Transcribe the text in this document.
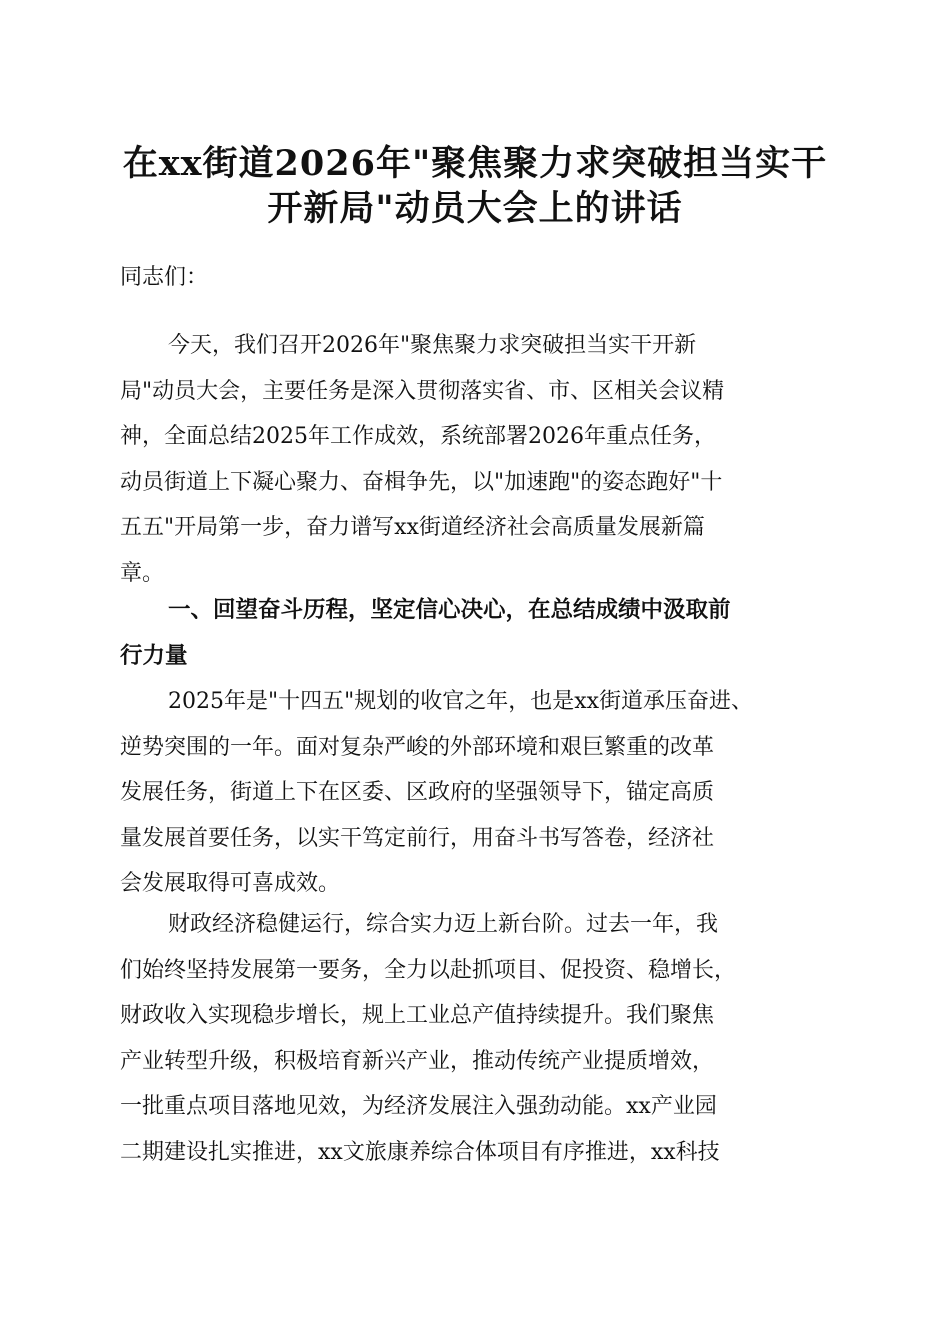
在xx街道2026年"聚焦聚力求突破担当实干
开新局"动员大会上的讲话
同志们：
今天，我们召开2026年"聚焦聚力求突破担当实干开新
局"动员大会，主要任务是深入贯彻落实省、市、区相关会议精
神，全面总结2025年工作成效，系统部署2026年重点任务，
动员街道上下凝心聚力、奋楫争先，以"加速跑"的姿态跑好"十
五五"开局第一步，奋力谱写xx街道经济社会高质量发展新篇
章。
一、回望奋斗历程，坚定信心决心，在总结成绩中汲取前
行力量
2025年是"十四五"规划的收官之年，也是xx街道承压奋进、
逆势突围的一年。面对复杂严峻的外部环境和艰巨繁重的改革
发展任务，街道上下在区委、区政府的坚强领导下，锚定高质
量发展首要任务，以实干笃定前行，用奋斗书写答卷，经济社
会发展取得可喜成效。
财政经济稳健运行，综合实力迈上新台阶。过去一年，我
们始终坚持发展第一要务，全力以赴抓项目、促投资、稳增长，
财政收入实现稳步增长，规上工业总产值持续提升。我们聚焦
产业转型升级，积极培育新兴产业，推动传统产业提质增效，
一批重点项目落地见效，为经济发展注入强劲动能。xx产业园
二期建设扎实推进，xx文旅康养综合体项目有序推进，xx科技
